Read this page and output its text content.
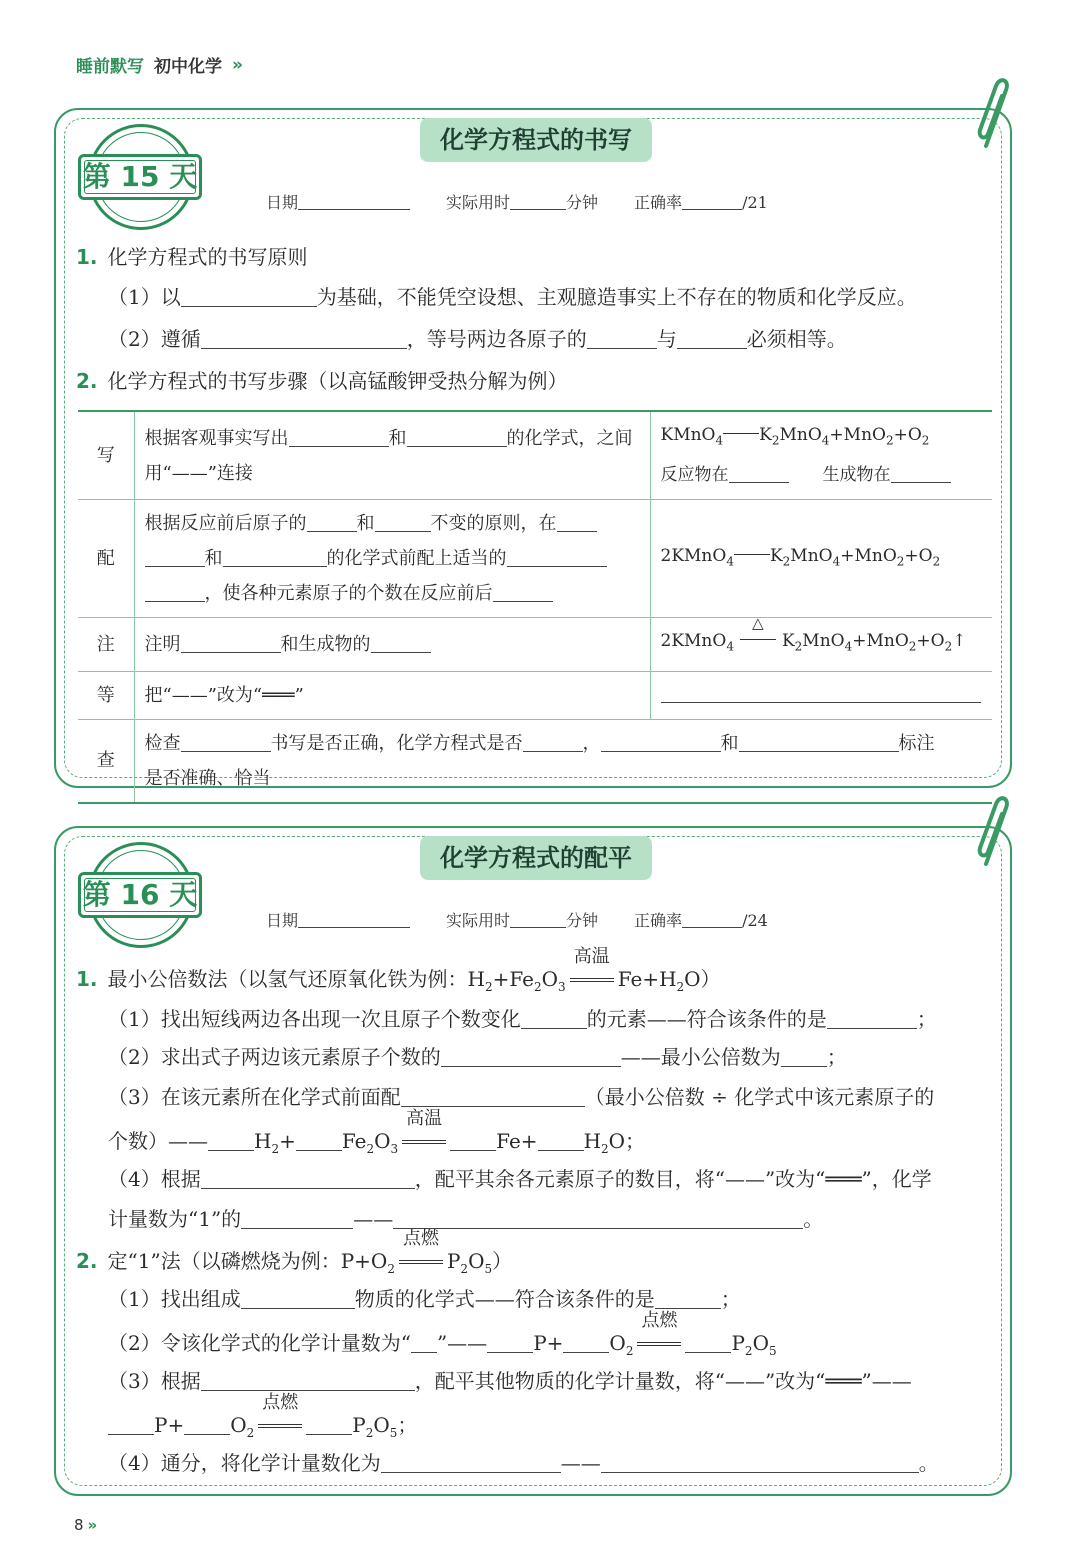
睡前默写 初中化学 »
化学方程式的书写
第 15 天
日期	实际用时	分钟 正确率	/21
1. 化学方程式的书写原则
（1）以	为基础，不能凭空设想、主观臆造事实上不存在的物质和化学反应。
（2）遵循	，等号两边各原子的	与	必须相等。
2. 化学方程式的书写步骤（以高锰酸钾受热分解为例）
写	根据客观事实写出 和 的化学式，之间用“——”连接	KMnO$_4$ $K_2MnO_4+MnO_2+O_2$
反应物在 　　生成物在
配	根据反应前后原子的 和 不变的原则，在和 的化学式前配上适当的，使各种元素原子的个数在反应前后	2KMnO$_4$ $K_2MnO_4+MnO_2+O_2$
注	注明 和生成物的	2KMnO$_4$
△
$K_2MnO_4+MnO_2+O_2↑$
等	把“——”改为“═══”	
查	检查 书写是否正确，化学方程式是否 ， 和 标注
是否准确、恰当	
化学方程式的配平
第 16 天
日期	实际用时	分钟 正确率	/24
1. 最小公倍数法（以氢气还原氧化铁为例：$H_2+Fe_2O_3$
高温
$Fe+H_2O$）
（1）找出短线两边各出现一次且原子个数变化	的元素——符合该条件的是	；
（2）求出式子两边该元素原子个数的	——最小公倍数为 ；
（3）在该元素所在化学式前面配	（最小公倍数 ÷ 化学式中该元素原子的
个数）—— $H_2+ Fe_2O_3$
高温
$Fe+ H_2O$；
（4）根据	，配平其余各元素原子的数目，将“——”改为“═══”，化学
计量数为“1”的	——	。
2. 定“1”法（以磷燃烧为例：$P+O_2$
点燃
$P_2O_5$）
（1）找出组成	物质的化学式——符合该条件的是	；
（2）令该化学式的化学计量数为“ ”—— $P+ O_2$
点燃
$P_2O_5$
（3）根据	，配平其他物质的化学计量数，将“——”改为“═══”——
$P+ O_2$
点燃
$P_2O_5$；
（4）通分，将化学计量数化为	——	。
8 »
